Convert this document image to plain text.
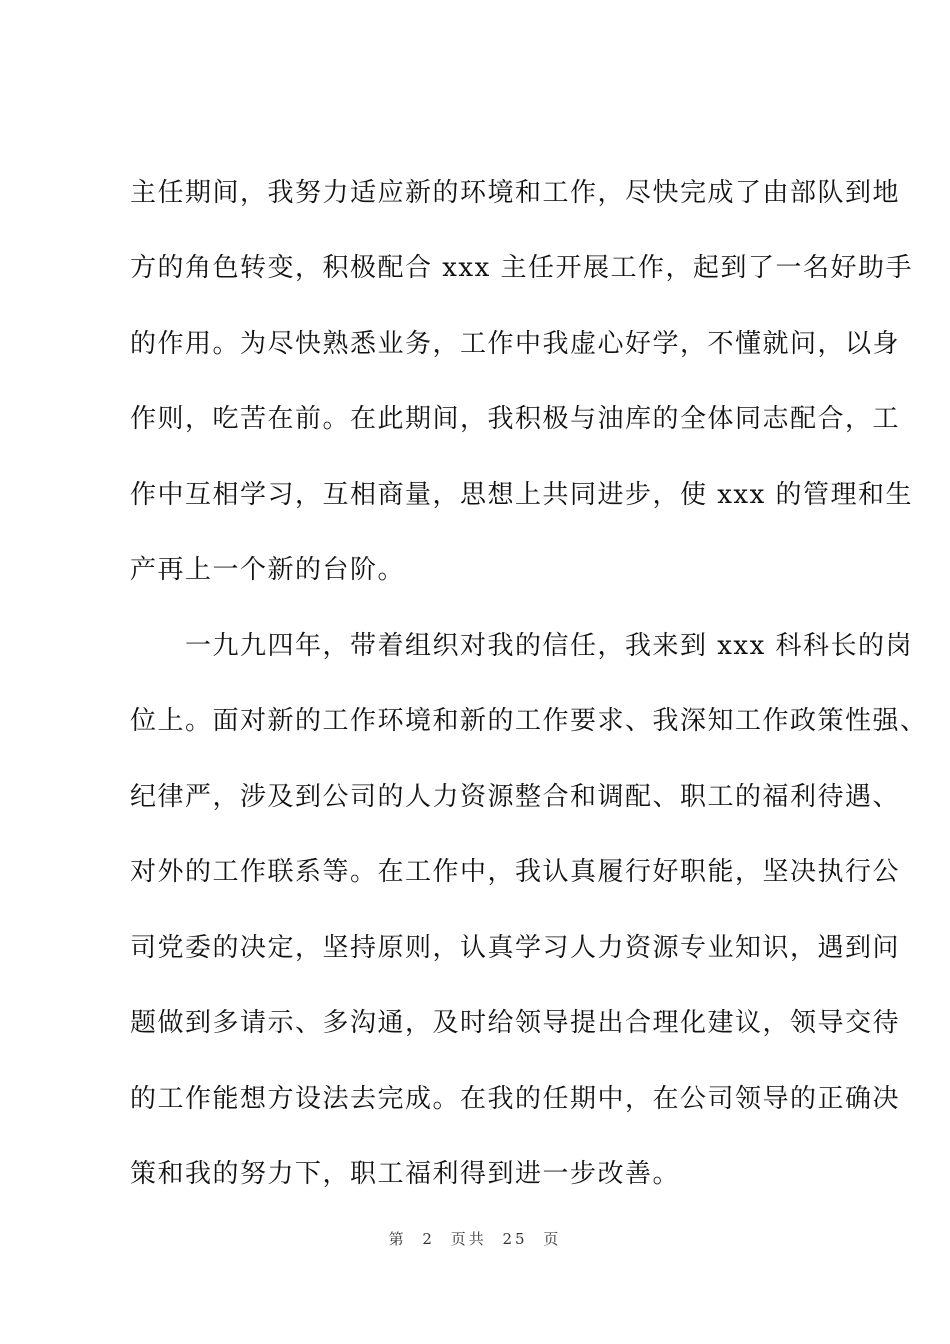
主任期间，我努力适应新的环境和工作，尽快完成了由部队到地
方的角色转变，积极配合 xxx 主任开展工作，起到了一名好助手
的作用。为尽快熟悉业务，工作中我虚心好学，不懂就问，以身
作则，吃苦在前。在此期间，我积极与油库的全体同志配合，工
作中互相学习，互相商量，思想上共同进步，使 xxx 的管理和生
产再上一个新的台阶。
　　一九九四年，带着组织对我的信任，我来到 xxx 科科长的岗
位上。面对新的工作环境和新的工作要求、我深知工作政策性强、
纪律严，涉及到公司的人力资源整合和调配、职工的福利待遇、
对外的工作联系等。在工作中，我认真履行好职能，坚决执行公
司党委的决定，坚持原则，认真学习人力资源专业知识，遇到问
题做到多请示、多沟通，及时给领导提出合理化建议，领导交待
的工作能想方设法去完成。在我的任期中，在公司领导的正确决
策和我的努力下，职工福利得到进一步改善。
第 2 页共 25 页
